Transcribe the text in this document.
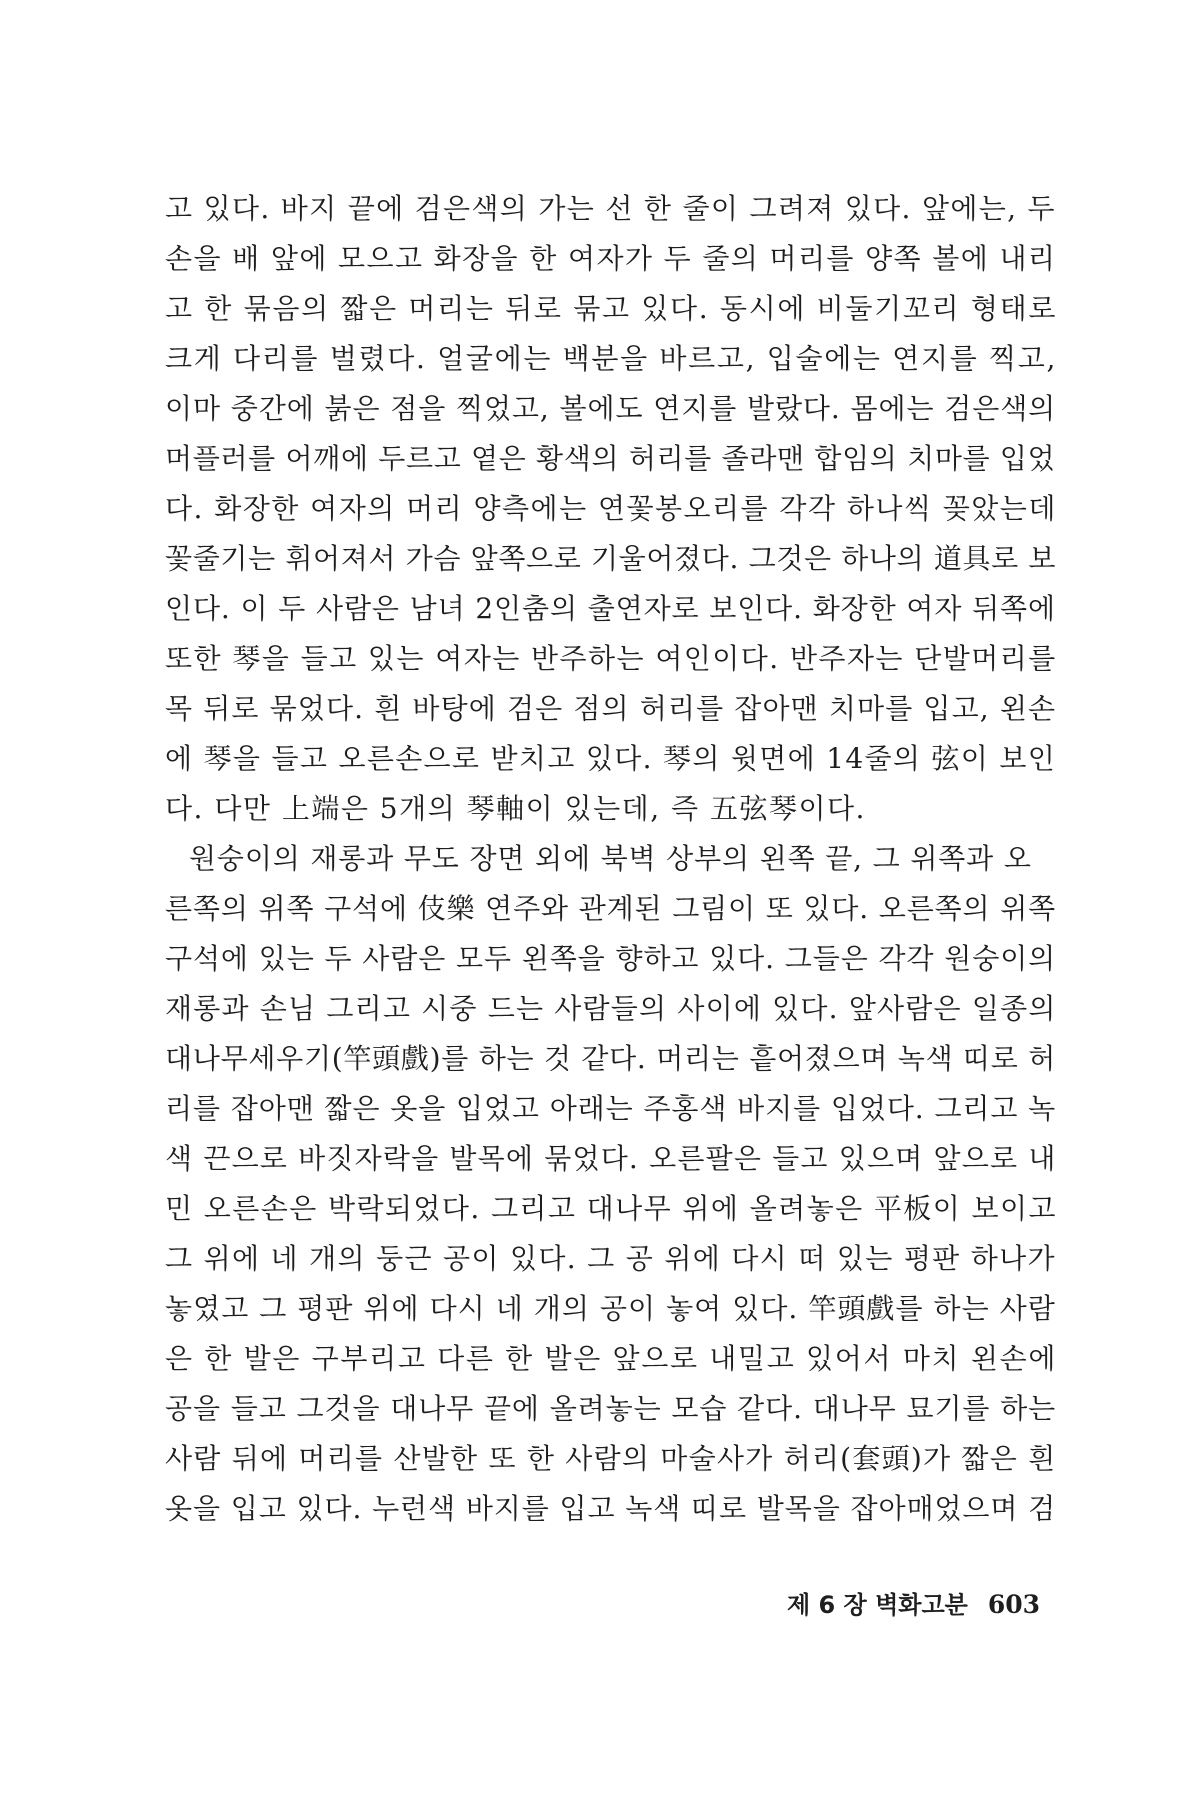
고 있다. 바지 끝에 검은색의 가는 선 한 줄이 그려져 있다. 앞에는, 두
손을 배 앞에 모으고 화장을 한 여자가 두 줄의 머리를 양쪽 볼에 내리
고 한 묶음의 짧은 머리는 뒤로 묶고 있다. 동시에 비둘기꼬리 형태로
크게 다리를 벌렸다. 얼굴에는 백분을 바르고, 입술에는 연지를 찍고,
이마 중간에 붉은 점을 찍었고, 볼에도 연지를 발랐다. 몸에는 검은색의
머플러를 어깨에 두르고 옅은 황색의 허리를 졸라맨 합임의 치마를 입었
다. 화장한 여자의 머리 양측에는 연꽃봉오리를 각각 하나씩 꽂았는데
꽃줄기는 휘어져서 가슴 앞쪽으로 기울어졌다. 그것은 하나의 道具로 보
인다. 이 두 사람은 남녀 2인춤의 출연자로 보인다. 화장한 여자 뒤쪽에
또한 琴을 들고 있는 여자는 반주하는 여인이다. 반주자는 단발머리를
목 뒤로 묶었다. 흰 바탕에 검은 점의 허리를 잡아맨 치마를 입고, 왼손
에 琴을 들고 오른손으로 받치고 있다. 琴의 윗면에 14줄의 弦이 보인
다. 다만 上端은 5개의 琴軸이 있는데, 즉 五弦琴이다.
원숭이의 재롱과 무도 장면 외에 북벽 상부의 왼쪽 끝, 그 위쪽과 오
른쪽의 위쪽 구석에 伎樂 연주와 관계된 그림이 또 있다. 오른쪽의 위쪽
구석에 있는 두 사람은 모두 왼쪽을 향하고 있다. 그들은 각각 원숭이의
재롱과 손님 그리고 시중 드는 사람들의 사이에 있다. 앞사람은 일종의
대나무세우기(竿頭戲)를 하는 것 같다. 머리는 흩어졌으며 녹색 띠로 허
리를 잡아맨 짧은 옷을 입었고 아래는 주홍색 바지를 입었다. 그리고 녹
색 끈으로 바짓자락을 발목에 묶었다. 오른팔은 들고 있으며 앞으로 내
민 오른손은 박락되었다. 그리고 대나무 위에 올려놓은 平板이 보이고
그 위에 네 개의 둥근 공이 있다. 그 공 위에 다시 떠 있는 평판 하나가
놓였고 그 평판 위에 다시 네 개의 공이 놓여 있다. 竿頭戲를 하는 사람
은 한 발은 구부리고 다른 한 발은 앞으로 내밀고 있어서 마치 왼손에
공을 들고 그것을 대나무 끝에 올려놓는 모습 같다. 대나무 묘기를 하는
사람 뒤에 머리를 산발한 또 한 사람의 마술사가 허리(套頭)가 짧은 흰
옷을 입고 있다. 누런색 바지를 입고 녹색 띠로 발목을 잡아매었으며 검
제 6 장 벽화고분 603
